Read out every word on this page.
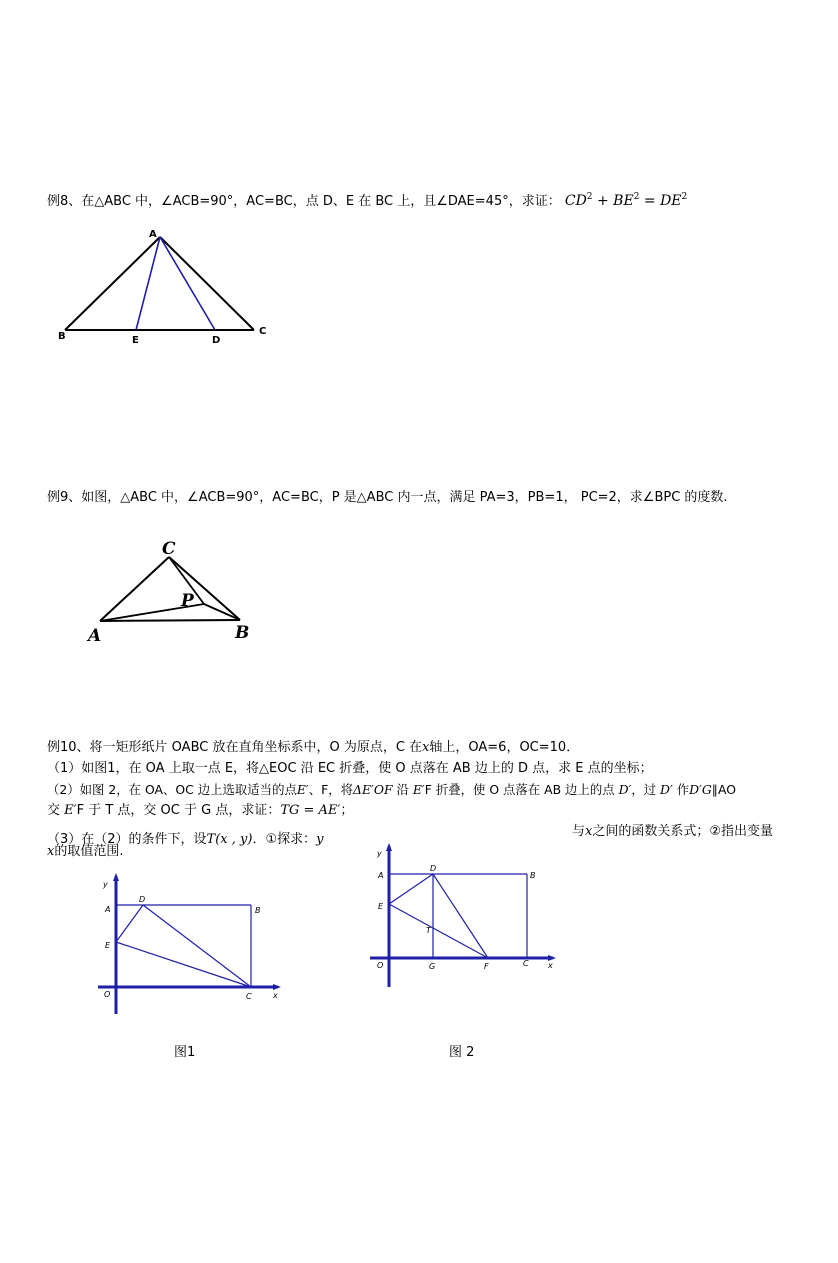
例8、在△ABC 中，∠ACB=90°，AC=BC，点 D、E 在 BC 上，且∠DAE=45°，求证： $CD^2 + BE^2 = DE^2$
A
B	C
E	D
C
P
A	B
y
A
D
B
E
O	C	x
y
A
D
B
E
T
O	G	F	C x
例9、如图，△ABC 中，∠ACB=90°，AC=BC，P 是△ABC 内一点，满足 PA=3，PB=1， PC=2，求∠BPC 的度数.
例10、将一矩形纸片 OABC 放在直角坐标系中，O 为原点，C 在x轴上，OA=6，OC=10．
（1）如图1，在 OA 上取一点 E，将△EOC 沿 EC 折叠，使 O 点落在 AB 边上的 D 点，求 E 点的坐标；
（2）如图 2，在 OA、OC 边上选取适当的点E′、F，将ΔE′OF 沿 E′F 折叠，使 O 点落在 AB 边上的点 D′，过 D′ 作D′G∥AO
交 E′F 于 T 点，交 OC 于 G 点，求证：TG = AE′；
（3）在（2）的条件下，设T(x , y)．①探求：y
与x之间的函数关系式；②指出变量
x的取值范围.
图1	图 2
